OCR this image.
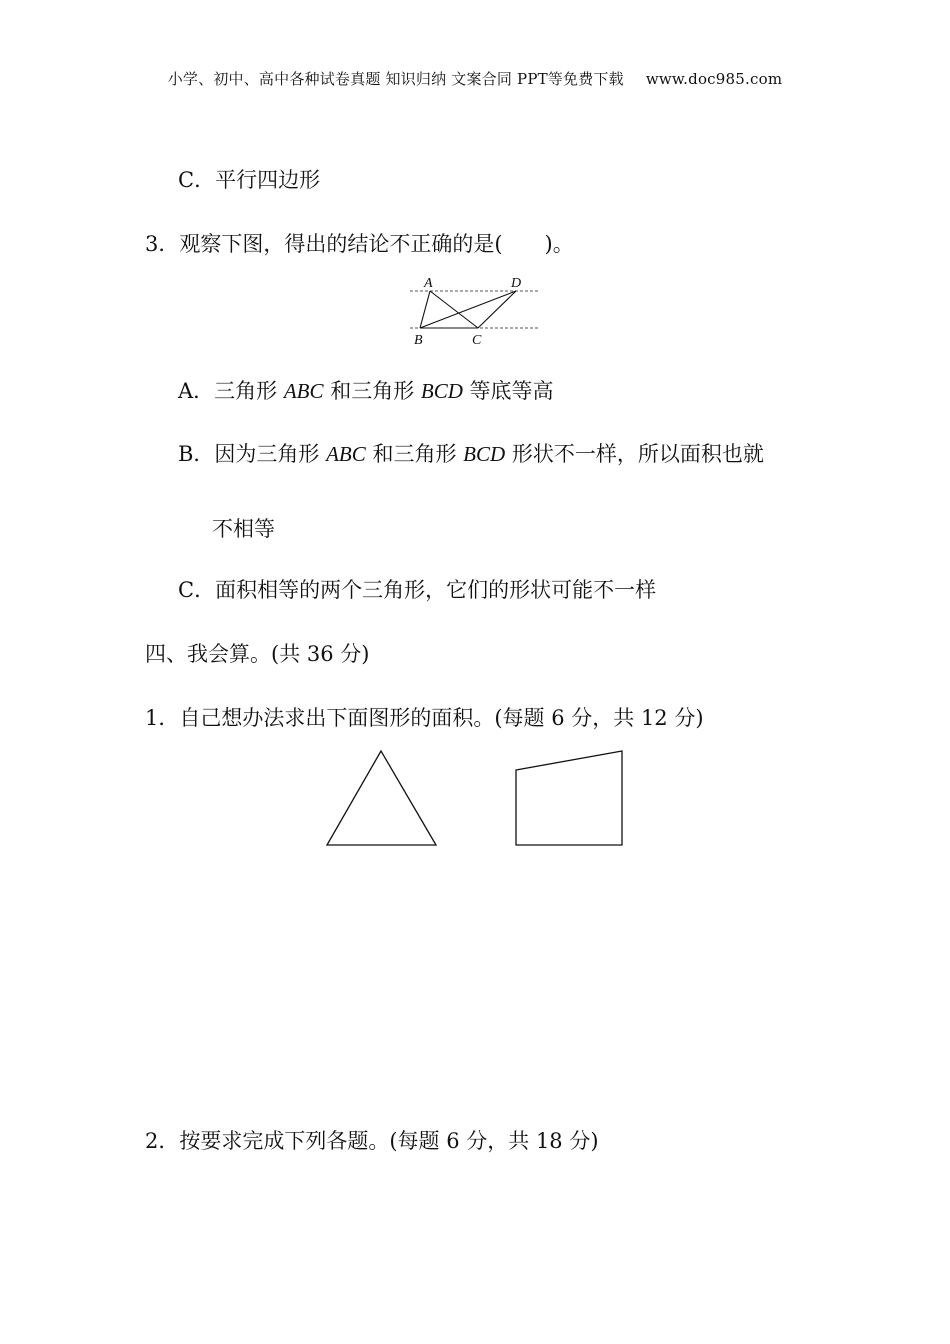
小学、初中、高中各种试卷真题 知识归纳 文案合同 PPT等免费下载 www.doc985.com
C．平行四边形
3．观察下图，得出的结论不正确的是(　　)。
A	D
B	C
A．三角形 ABC 和三角形 BCD 等底等高
B．因为三角形 ABC 和三角形 BCD 形状不一样，所以面积也就
不相等
C．面积相等的两个三角形，它们的形状可能不一样
四、我会算。(共 36 分)
1．自己想办法求出下面图形的面积。(每题 6 分，共 12 分)
2．按要求完成下列各题。(每题 6 分，共 18 分)
